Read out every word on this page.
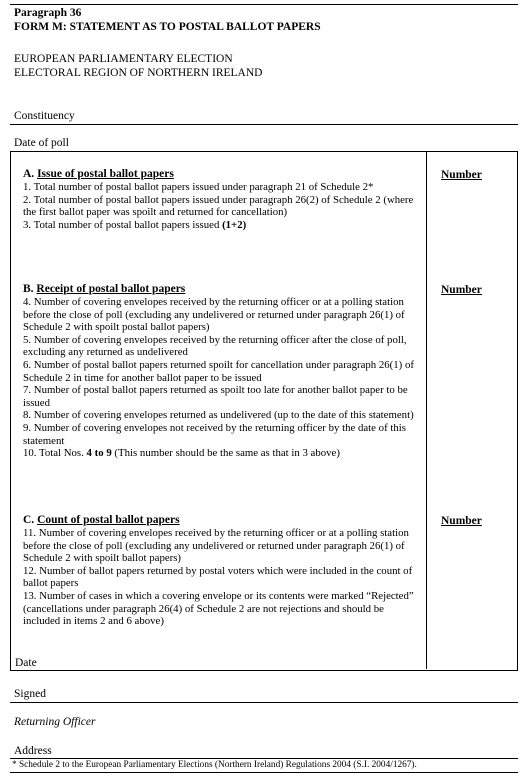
Paragraph 36
FORM M: STATEMENT AS TO POSTAL BALLOT PAPERS
EUROPEAN PARLIAMENTARY ELECTION
ELECTORAL REGION OF NORTHERN IRELAND
Constituency
Date of poll

A. Issue of postal ballot papers

1. Total number of postal ballot papers issued under paragraph 21 of Schedule 2*

2. Total number of postal ballot papers issued under paragraph 26(2) of Schedule 2 (where the first ballot paper was spoilt and returned for cancellation)

3. Total number of postal ballot papers issued (1+2)

Number

B. Receipt of postal ballot papers

4. Number of covering envelopes received by the returning officer or at a polling station before the close of poll (excluding any undelivered or returned under paragraph 26(1) of Schedule 2 with spoilt postal ballot papers)

5. Number of covering envelopes received by the returning officer after the close of poll, excluding any returned as undelivered

6. Number of postal ballot papers returned spoilt for cancellation under paragraph 26(1) of Schedule 2 in time for another ballot paper to be issued

7. Number of postal ballot papers returned as spoilt too late for another ballot paper to be issued

8. Number of covering envelopes returned as undelivered (up to the date of this statement)

9. Number of covering envelopes not received by the returning officer by the date of this statement

10. Total Nos. 4 to 9 (This number should be the same as that in 3 above)

Number

C. Count of postal ballot papers

11. Number of covering envelopes received by the returning officer or at a polling station before the close of poll (excluding any undelivered or returned under paragraph 26(1) of Schedule 2 with spoilt ballot papers)

12. Number of ballot papers returned by postal voters which were included in the count of ballot papers

13. Number of cases in which a covering envelope or its contents were marked “Rejected” (cancellations under paragraph 26(4) of Schedule 2 are not rejections and should be included in items 2 and 6 above)

Number
Date
Signed
Returning Officer
Address
* Schedule 2 to the European Parliamentary Elections (Northern Ireland) Regulations 2004 (S.I. 2004/1267).
